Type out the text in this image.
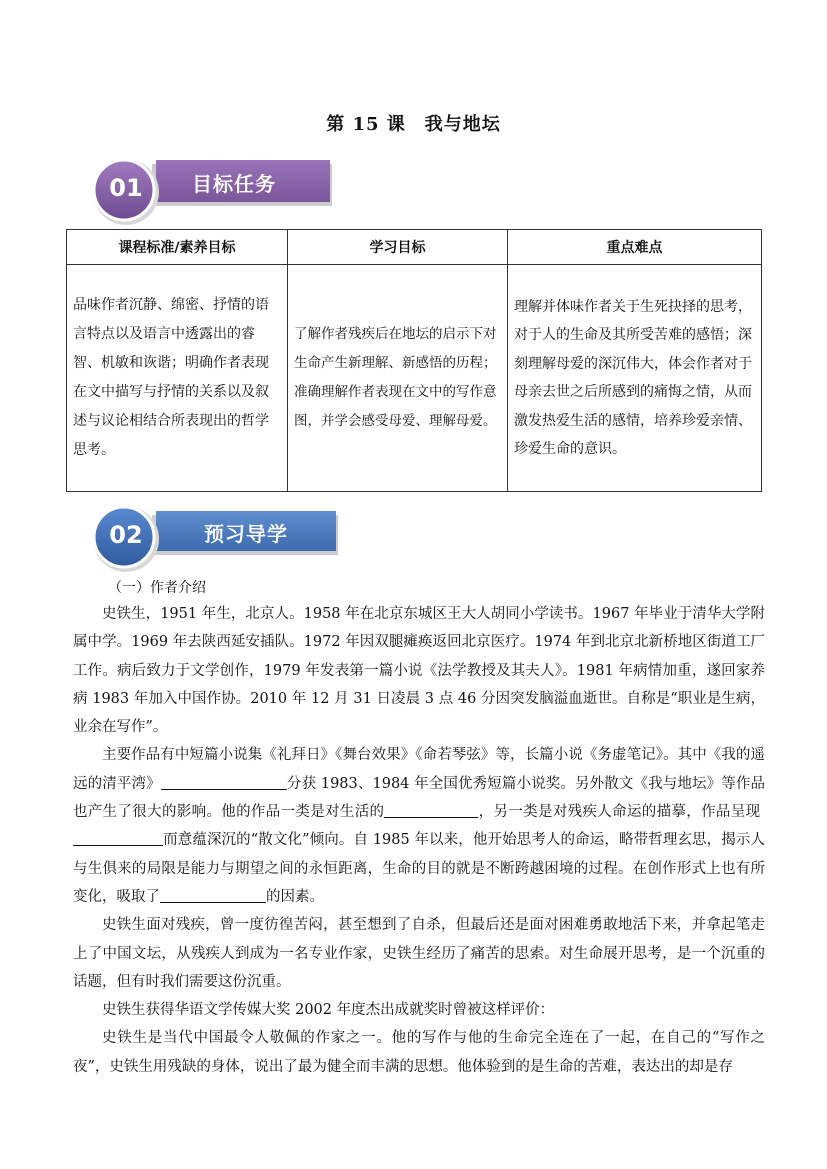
第 15 课　我与地坛
01	目标任务
课程标准/素养目标	学习目标	重点难点
品味作者沉静、绵密、抒情的语言特点以及语言中透露出的睿智、机敏和诙谐；明确作者表现在文中描写与抒情的关系以及叙述与议论相结合所表现出的哲学思考。	了解作者残疾后在地坛的启示下对生命产生新理解、新感悟的历程；准确理解作者表现在文中的写作意图，并学会感受母爱、理解母爱。	理解并体味作者关于生死抉择的思考，对于人的生命及其所受苦难的感悟；深刻理解母爱的深沉伟大，体会作者对于母亲去世之后所感到的痛悔之情，从而激发热爱生活的感情，培养珍爱亲情、珍爱生命的意识。
02	预习导学
（一）作者介绍

史铁生，1951 年生，北京人。1958 年在北京东城区王大人胡同小学读书。1967 年毕业于清华大学附属中学。1969 年去陕西延安插队。1972 年因双腿瘫痪返回北京医疗。1974 年到北京北新桥地区街道工厂工作。病后致力于文学创作，1979 年发表第一篇小说《法学教授及其夫人》。1981 年病情加重，遂回家养病 1983 年加入中国作协。2010 年 12 月 31 日凌晨 3 点 46 分因突发脑溢血逝世。自称是“职业是生病，业余在写作”。

主要作品有中短篇小说集《礼拜日》《舞台效果》《命若琴弦》等，长篇小说《务虚笔记》。其中《我的遥远的清平湾》	分获 1983、1984 年全国优秀短篇小说奖。另外散文《我与地坛》等作品也产生了很大的影响。他的作品一类是对生活的	，另一类是对残疾人命运的描摹，作品呈现 而意蕴深沉的“散文化”倾向。自 1985 年以来，他开始思考人的命运，略带哲理玄思，揭示人与生俱来的局限是能力与期望之间的永恒距离，生命的目的就是不断跨越困境的过程。在创作形式上也有所变化，吸取了	的因素。

史铁生面对残疾，曾一度彷徨苦闷，甚至想到了自杀，但最后还是面对困难勇敢地活下来，并拿起笔走上了中国文坛，从残疾人到成为一名专业作家，史铁生经历了痛苦的思索。对生命展开思考，是一个沉重的话题，但有时我们需要这份沉重。

史铁生获得华语文学传媒大奖 2002 年度杰出成就奖时曾被这样评价：

史铁生是当代中国最令人敬佩的作家之一。他的写作与他的生命完全连在了一起，在自己的“写作之夜”，史铁生用残缺的身体，说出了最为健全而丰满的思想。他体验到的是生命的苦难，表达出的却是存
